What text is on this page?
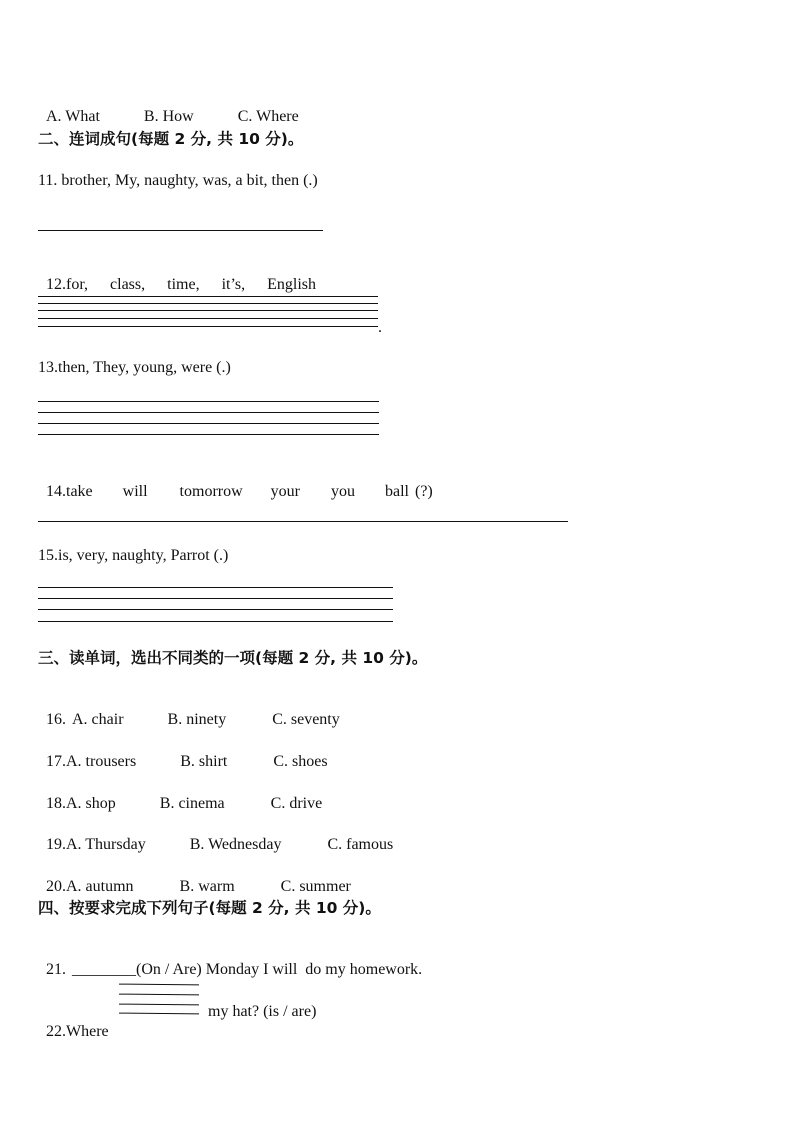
A. What	B. How	C. Where

二、连词成句(每题 2 分, 共 10 分)。
11. brother, My, naughty, was, a bit, then (.)

12.for, class, time, it’s, English

.
13.then, They, young, were (.)

14.take will tomorrow your you ball (?)

15.is, very, naughty, Parrot (.)
三、读单词，选出不同类的一项(每题 2 分, 共 10 分)。

16. A. chair	B. ninety	C. seventy

17.A. trousers	B. shirt	C. shoes

18.A. shop	B. cinema	C. drive

19.A. Thursday	B. Wednesday	C. famous

20.A. autumn	B. warm	C. summer

四、按要求完成下列句子(每题 2 分, 共 10 分)。

21. ________(On / Are) Monday I will  do my homework.

22.Where

my hat? (is / are)
